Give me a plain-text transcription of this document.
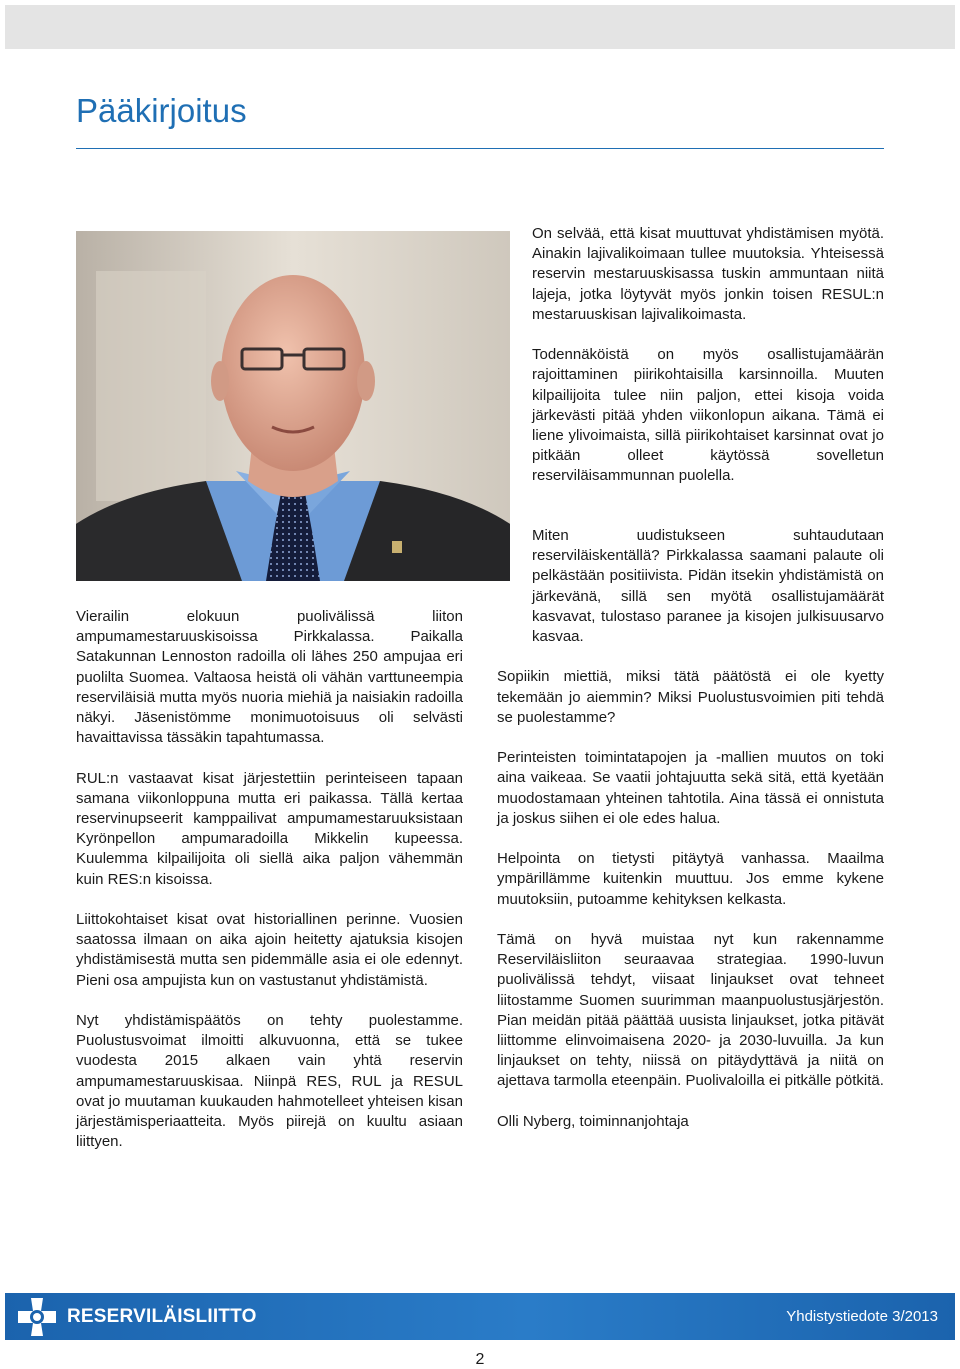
Pääkirjoitus

On selvää, että kisat muuttuvat yhdistämisen myötä. Ainakin lajivalikoimaan tullee muutoksia. Yhteisessä reservin mestaruuskisassa tuskin ammuntaan niitä lajeja, jotka löytyvät myös jonkin toisen RESUL:n mestaruuskisan lajivalikoimasta.

Todennäköistä on myös osallistujamäärän rajoittaminen piirikohtaisilla karsinnoilla. Muuten kilpailijoita tulee niin paljon, ettei kisoja voida järkevästi pitää yhden viikonlopun aikana. Tämä ei liene ylivoimaista, sillä piirikohtaiset karsinnat ovat jo pitkään olleet käytössä sovelletun reserviläisammunnan puolella.

Vierailin elokuun puolivälissä liiton ampumamestaruuskisoissa Pirkkalassa. Paikalla Satakunnan Lennoston radoilla oli lähes 250 ampujaa eri puolilta Suomea. Valtaosa heistä oli vähän varttuneempia reserviläisiä mutta myös nuoria miehiä ja naisiakin radoilla näkyi. Jäsenistömme monimuotoisuus oli selvästi havaittavissa tässäkin tapahtumassa.

RUL:n vastaavat kisat järjestettiin perinteiseen tapaan samana viikonloppuna mutta eri paikassa. Tällä kertaa reservinupseerit kamppailivat ampumamestaruuksistaan Kyrönpellon ampumaradoilla Mikkelin kupeessa. Kuulemma kilpailijoita oli siellä aika paljon vähemmän kuin RES:n kisoissa.

Liittokohtaiset kisat ovat historiallinen perinne. Vuosien saatossa ilmaan on aika ajoin heitetty ajatuksia kisojen yhdistämisestä mutta sen pidemmälle asia ei ole edennyt. Pieni osa ampujista kun on vastustanut yhdistämistä.

Nyt yhdistämispäätös on tehty puolestamme. Puolustusvoimat ilmoitti alkuvuonna, että se tukee vuodesta 2015 alkaen vain yhtä reservin ampumamestaruuskisaa. Niinpä RES, RUL ja RESUL ovat jo muutaman kuukauden hahmotelleet yhteisen kisan järjestämisperiaatteita. Myös piirejä on kuultu asiaan liittyen.

Miten uudistukseen suhtaudutaan reserviläiskentällä? Pirkkalassa saamani palaute oli pelkästään positiivista. Pidän itsekin yhdistämistä on järkevänä, sillä sen myötä osallistujamäärät kasvavat, tulostaso paranee ja kisojen julkisuusarvo kasvaa.

Sopiikin miettiä, miksi tätä päätöstä ei ole kyetty tekemään jo aiemmin? Miksi Puolustusvoimien piti tehdä se puolestamme?

Perinteisten toimintatapojen ja -mallien muutos on toki aina vaikeaa. Se vaatii johtajuutta sekä sitä, että kyetään muodostamaan yhteinen tahtotila. Aina tässä ei onnistuta ja joskus siihen ei ole edes halua.

Helpointa on tietysti pitäytyä vanhassa. Maailma ympärillämme kuitenkin muuttuu. Jos emme kykene muutoksiin, putoamme kehityksen kelkasta.

Tämä on hyvä muistaa nyt kun rakennamme Reserviläisliiton seuraavaa strategiaa. 1990-luvun puolivälissä tehdyt, viisaat linjaukset ovat tehneet liitostamme Suomen suurimman maanpuolustusjärjestön. Pian meidän pitää päättää uusista linjaukset, jotka pitävät liittomme elinvoimaisena 2020- ja 2030-luvuilla. Ja kun linjaukset on tehty, niissä on pitäydyttävä ja niitä on ajettava tarmolla eteenpäin. Puolivaloilla ei pitkälle pötkitä.

Olli Nyberg, toiminnanjohtaja

RESERVILÄISLIITTO	Yhdistystiedote 3/2013
2
